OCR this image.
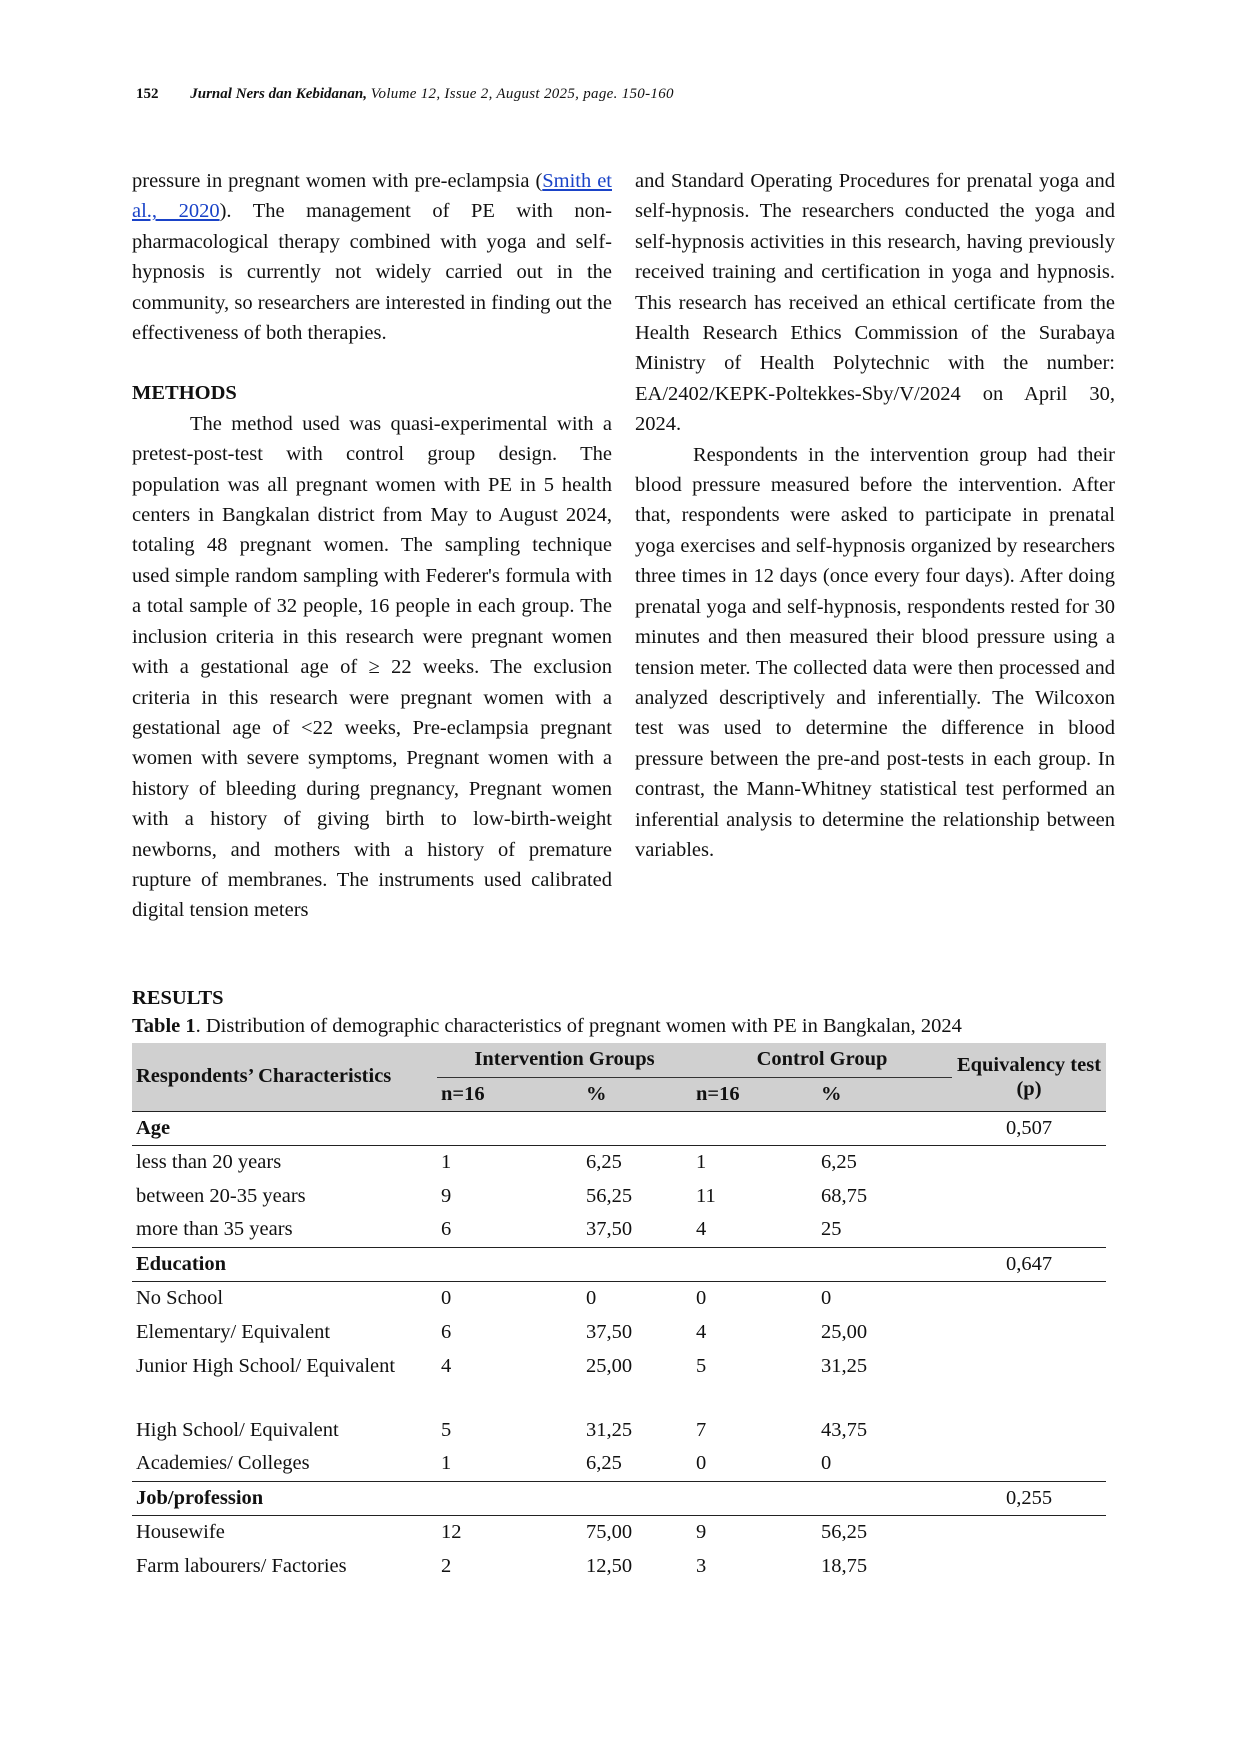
152 Jurnal Ners dan Kebidanan, Volume 12, Issue 2, August 2025, page. 150-160

pressure in pregnant women with pre-eclampsia (Smith et al., 2020). The management of PE with non-pharmacological therapy combined with yoga and self-hypnosis is currently not widely carried out in the community, so researchers are interested in finding out the effectiveness of both therapies.

METHODS

The method used was quasi-experimental with a pretest-post-test with control group design. The population was all pregnant women with PE in 5 health centers in Bangkalan district from May to August 2024, totaling 48 pregnant women. The sampling technique used simple random sampling with Federer's formula with a total sample of 32 people, 16 people in each group. The inclusion criteria in this research were pregnant women with a gestational age of ≥ 22 weeks. The exclusion criteria in this research were pregnant women with a gestational age of <22 weeks, Pre-eclampsia pregnant women with severe symptoms, Pregnant women with a history of bleeding during pregnancy, Pregnant women with a history of giving birth to low-birth-weight newborns, and mothers with a history of premature rupture of membranes. The instruments used calibrated digital tension meters

and Standard Operating Procedures for prenatal yoga and self-hypnosis. The researchers conducted the yoga and self-hypnosis activities in this research, having previously received training and certification in yoga and hypnosis. This research has received an ethical certificate from the Health Research Ethics Commission of the Surabaya Ministry of Health Polytechnic with the number: EA/2402/KEPK-Poltekkes-Sby/V/2024 on April 30, 2024.

Respondents in the intervention group had their blood pressure measured before the intervention. After that, respondents were asked to participate in prenatal yoga exercises and self-hypnosis organized by researchers three times in 12 days (once every four days). After doing prenatal yoga and self-hypnosis, respondents rested for 30 minutes and then measured their blood pressure using a tension meter. The collected data were then processed and analyzed descriptively and inferentially. The Wilcoxon test was used to determine the difference in blood pressure between the pre-and post-tests in each group. In contrast, the Mann-Whitney statistical test performed an inferential analysis to determine the relationship between variables.

RESULTS
Table 1. Distribution of demographic characteristics of pregnant women with PE in Bangkalan, 2024
Respondents’ Characteristics	Intervention Groups		Control Group		Equivalency test (p)
	n=16	%	n=16	%	
Age					0,507
less than 20 years	1	6,25	1	6,25	
between 20-35 years	9	56,25	11	68,75	
more than 35 years	6	37,50	4	25	
Education					0,647
No School	0	0	0	0	
Elementary/ Equivalent	6	37,50	4	25,00	
Junior High School/ Equivalent	4	25,00	5	31,25	

High School/ Equivalent	5	31,25	7	43,75	
Academies/ Colleges	1	6,25	0	0	
Job/profession					0,255
Housewife	12	75,00	9	56,25	
Farm labourers/ Factories	2	12,50	3	18,75	
